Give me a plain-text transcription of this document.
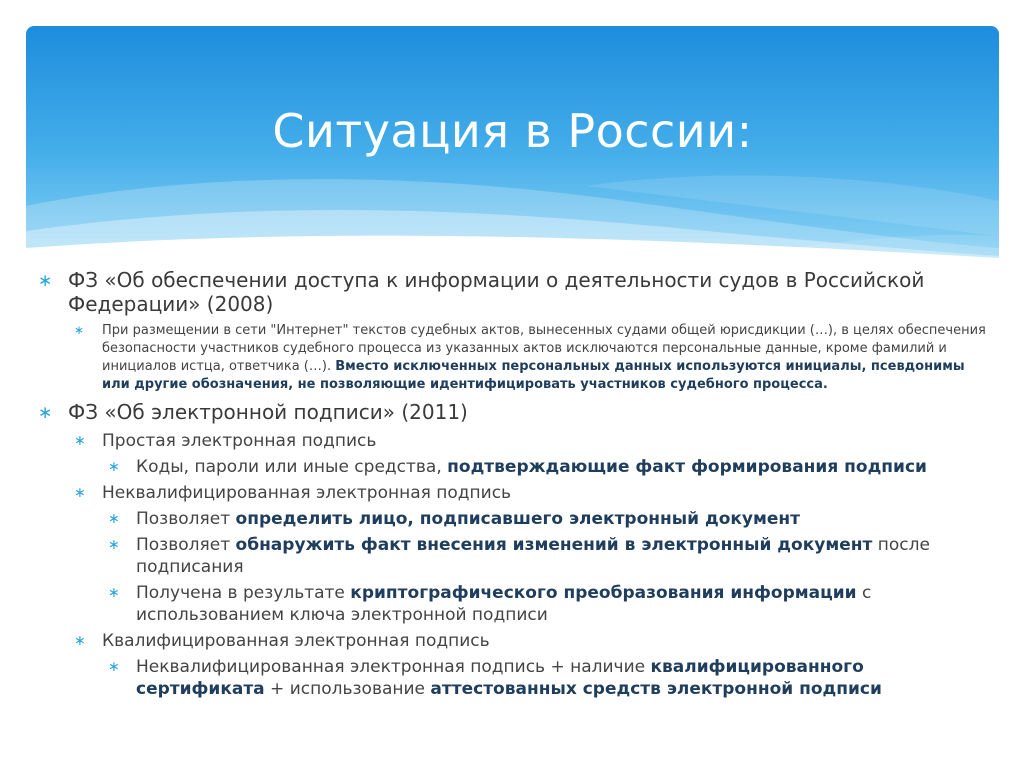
Ситуация в России:
∗ ФЗ «Об обеспечении доступа к информации о деятельности судов в Российской Федерации» (2008)
∗ При размещении в сети "Интернет" текстов судебных актов, вынесенных судами общей юрисдикции (…), в целях обеспечения безопасности участников судебного процесса из указанных актов исключаются персональные данные, кроме фамилий и инициалов истца, ответчика (…). Вместо исключенных персональных данных используются инициалы, псевдонимы или другие обозначения, не позволяющие идентифицировать участников судебного процесса.
∗ ФЗ «Об электронной подписи» (2011)
∗ Простая электронная подпись
∗ Коды, пароли или иные средства, подтверждающие факт формирования подписи
∗ Неквалифицированная электронная подпись
∗ Позволяет определить лицо, подписавшего электронный документ
∗ Позволяет обнаружить факт внесения изменений в электронный документ после подписания
∗ Получена в результате криптографического преобразования информации с использованием ключа электронной подписи
∗ Квалифицированная электронная подпись
∗ Неквалифицированная электронная подпись + наличие квалифицированного сертификата + использование аттестованных средств электронной подписи
